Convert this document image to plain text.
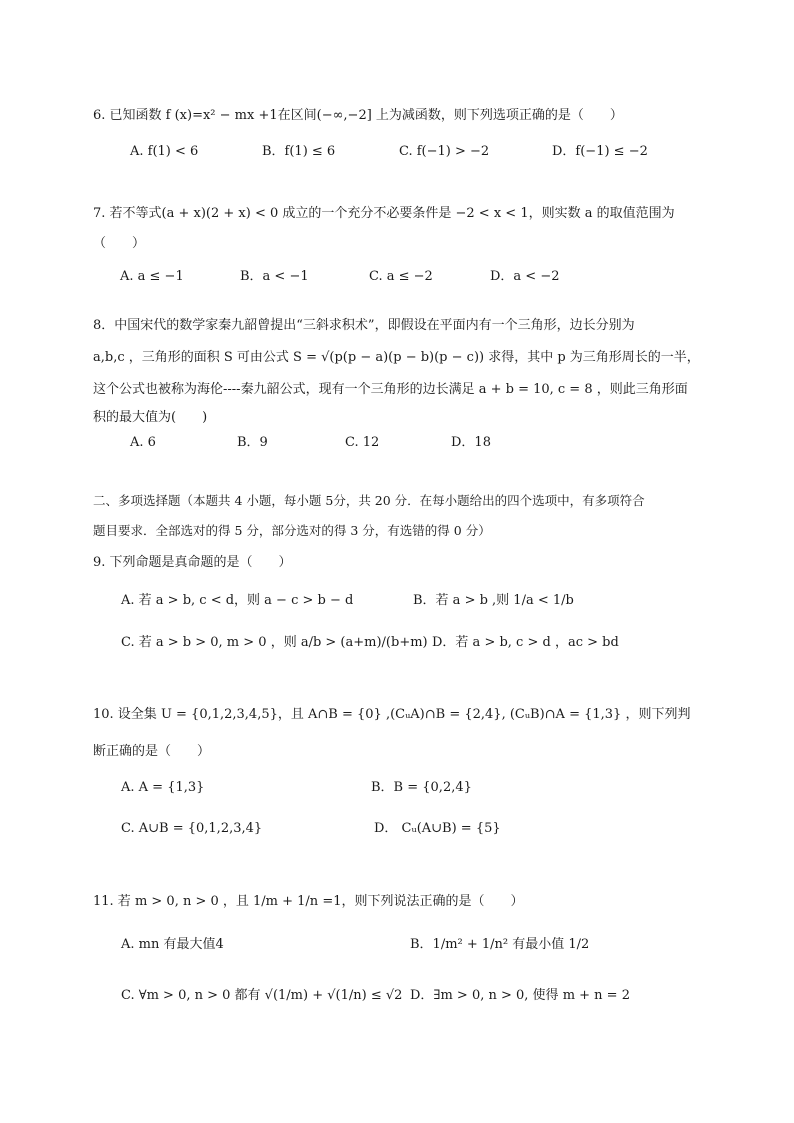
6. 已知函数 f (x)=x² − mx +1在区间(−∞,−2] 上为减函数，则下列选项正确的是（　　）
A. f(1) < 6	B．f(1) ≤ 6	C. f(−1) > −2	D．f(−1) ≤ −2
7. 若不等式(a + x)(2 + x) < 0 成立的一个充分不必要条件是 −2 < x < 1，则实数 a 的取值范围为
（　　）
A. a ≤ −1	B．a < −1	C. a ≤ −2	D．a < −2
8．中国宋代的数学家秦九韶曾提出“三斜求积术”，即假设在平面内有一个三角形，边长分别为
a,b,c ，三角形的面积 S 可由公式 S = √(p(p − a)(p − b)(p − c)) 求得，其中 p 为三角形周长的一半，
这个公式也被称为海伦----秦九韶公式，现有一个三角形的边长满足 a + b = 10, c = 8 ，则此三角形面
积的最大值为(　　)
A. 6	B．9	C. 12	D．18
二、多项选择题（本题共 4 小题，每小题 5分，共 20 分．在每小题给出的四个选项中，有多项符合
题目要求．全部选对的得 5 分，部分选对的得 3 分，有选错的得 0 分）
9. 下列命题是真命题的是（　　）
A. 若 a > b, c < d，则 a − c > b − d	B．若 a > b ,则 1/a < 1/b
C. 若 a > b > 0, m > 0 ，则 a/b > (a+m)/(b+m) D．若 a > b, c > d ，ac > bd
10. 设全集 U = {0,1,2,3,4,5}，且 A∩B = {0} ,(CᵤA)∩B = {2,4}, (CᵤB)∩A = {1,3} ，则下列判
断正确的是（　　）
A. A = {1,3}	B．B = {0,2,4}
C. A∪B = {0,1,2,3,4}	D． Cᵤ(A∪B) = {5}
11. 若 m > 0, n > 0 ，且 1/m + 1/n =1，则下列说法正确的是（　　）
A. mn 有最大值4	B．1/m² + 1/n² 有最小值 1/2
C. ∀m > 0, n > 0 都有 √(1/m) + √(1/n) ≤ √2 D．∃m > 0, n > 0, 使得 m + n = 2
